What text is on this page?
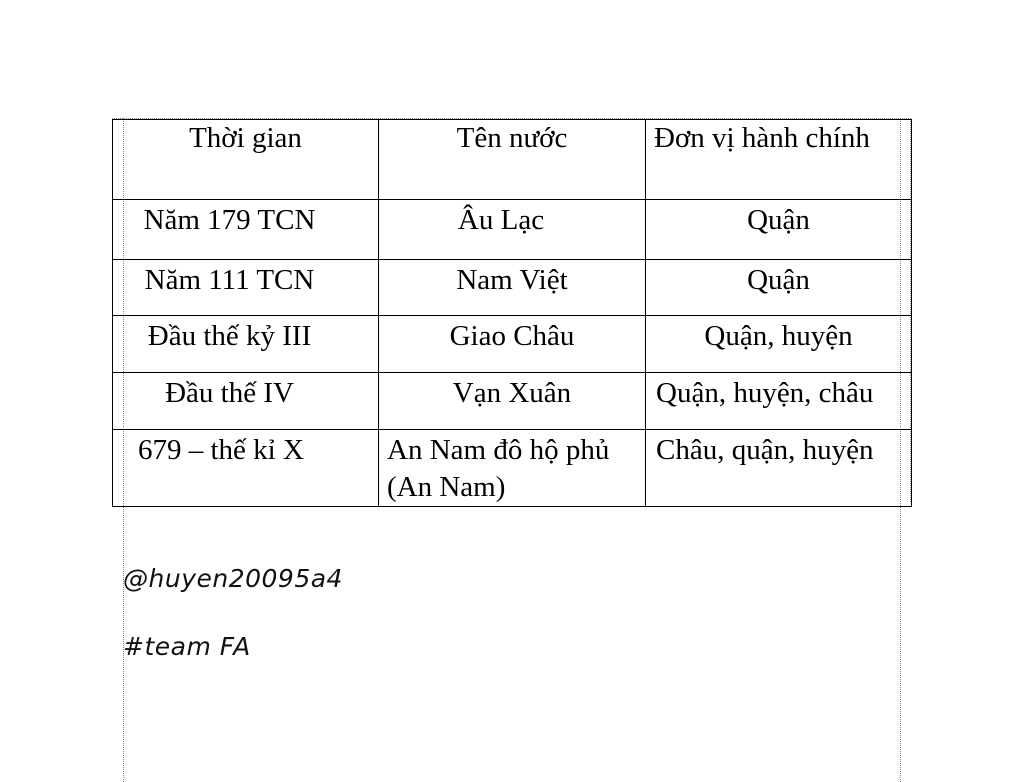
Thời gian	Tên nước	Đơn vị hành chính
Năm 179 TCN	Âu Lạc	Quận
Năm 111 TCN	Nam Việt	Quận
Đầu thế kỷ III	Giao Châu	Quận, huyện
Đầu thế IV	Vạn Xuân	Quận, huyện, châu
679 – thế kỉ X	An Nam đô hộ phủ (An Nam)	Châu, quận, huyện
@huyen20095a4
#team FA
